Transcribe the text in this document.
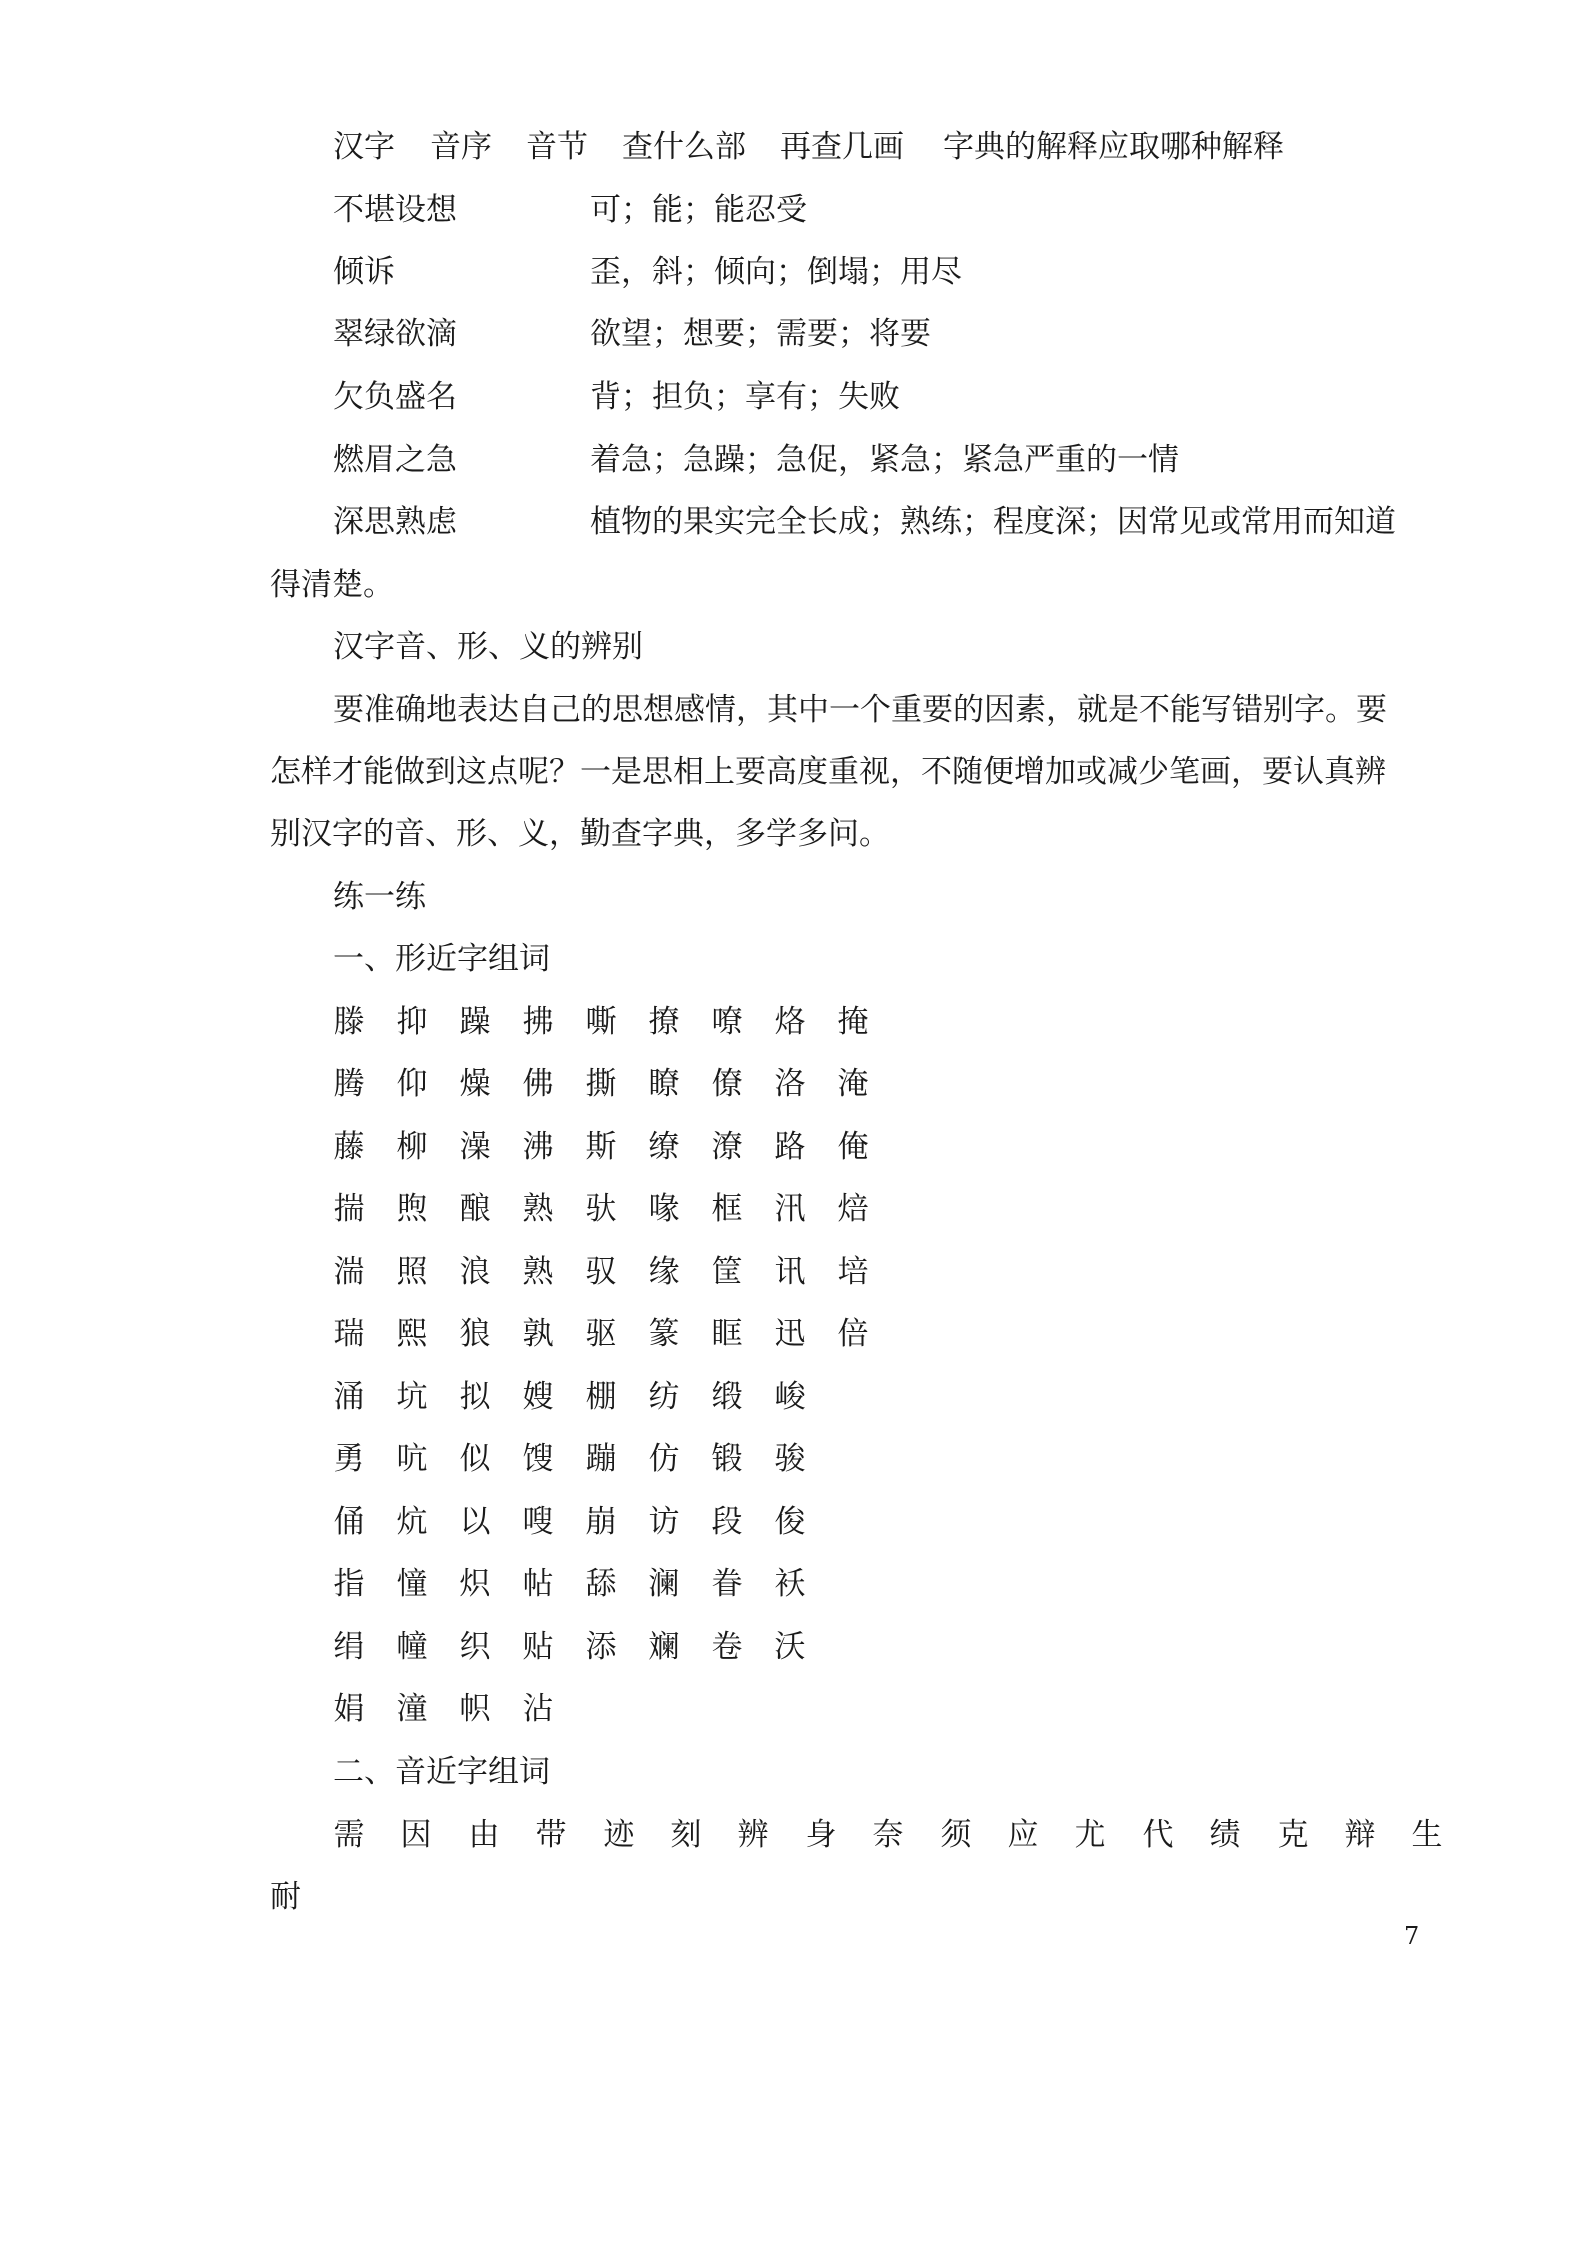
汉字 音序 音节 查什么部 再查几画 字典的解释应取哪种解释
不堪设想	可；能；能忍受
倾诉	歪，斜；倾向；倒塌；用尽
翠绿欲滴	欲望；想要；需要；将要
欠负盛名	背；担负；享有；失败
燃眉之急	着急；急躁；急促，紧急；紧急严重的一情
深思熟虑	植物的果实完全长成；熟练；程度深；因常见或常用而知道
得清楚。
汉字音、形、义的辨别
要准确地表达自己的思想感情，其中一个重要的因素，就是不能写错别字。要
怎样才能做到这点呢？一是思相上要高度重视，不随便增加或减少笔画，要认真辨
别汉字的音、形、义，勤查字典，多学多问。
练一练
一、形近字组词
滕 抑 躁 拂 嘶 撩 嘹 烙 掩
腾 仰 燥 佛 撕 瞭 僚 洛 淹
藤 柳 澡 沸 斯 缭 潦 路 俺
揣 煦 酿 熟 驮 喙 框 汛 焙
湍 照 浪 熟 驭 缘 筐 讯 培
瑞 熙 狼 孰 驱 篆 眶 迅 倍
涌 坑 拟 嫂 棚 纺 缎 峻
勇 吭 似 馊 蹦 仿 锻 骏
俑 炕 以 嗖 崩 访 段 俊
指 憧 炽 帖 舔 澜 眷 袄
绢 幢 织 贴 添 斓 卷 沃
娟 潼 帜 沾
二、音近字组词
需 因 由 带 迹 刻 辨 身 奈 须 应 尤 代 绩 克 辩 生
耐
7
